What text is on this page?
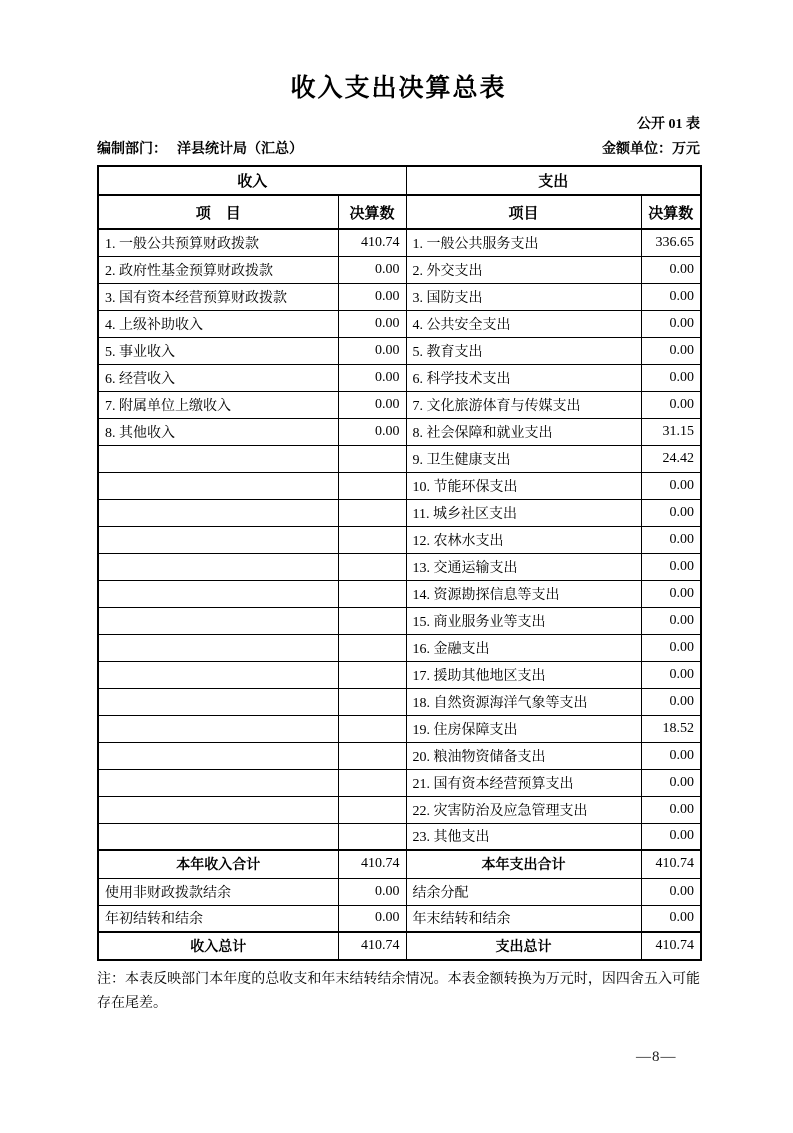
收入支出决算总表
公开 01 表
编制部门： 洋县统计局（汇总）	金额单位：万元
收入		支出	
项　目	决算数	项目	决算数
1. 一般公共预算财政拨款	410.74	1. 一般公共服务支出	336.65
2. 政府性基金预算财政拨款	0.00	2. 外交支出	0.00
3. 国有资本经营预算财政拨款	0.00	3. 国防支出	0.00
4. 上级补助收入	0.00	4. 公共安全支出	0.00
5. 事业收入	0.00	5. 教育支出	0.00
6. 经营收入	0.00	6. 科学技术支出	0.00
7. 附属单位上缴收入	0.00	7. 文化旅游体育与传媒支出	0.00
8. 其他收入	0.00	8. 社会保障和就业支出	31.15
		9. 卫生健康支出	24.42
		10. 节能环保支出	0.00
		11. 城乡社区支出	0.00
		12. 农林水支出	0.00
		13. 交通运输支出	0.00
		14. 资源勘探信息等支出	0.00
		15. 商业服务业等支出	0.00
		16. 金融支出	0.00
		17. 援助其他地区支出	0.00
		18. 自然资源海洋气象等支出	0.00
		19. 住房保障支出	18.52
		20. 粮油物资储备支出	0.00
		21. 国有资本经营预算支出	0.00
		22. 灾害防治及应急管理支出	0.00
		23. 其他支出	0.00
本年收入合计	410.74	本年支出合计	410.74
使用非财政拨款结余	0.00	结余分配	0.00
年初结转和结余	0.00	年末结转和结余	0.00
收入总计	410.74	支出总计	410.74

注：本表反映部门本年度的总收支和年末结转结余情况。本表金额转换为万元时，因四舍五入可能存在尾差。

—8—
